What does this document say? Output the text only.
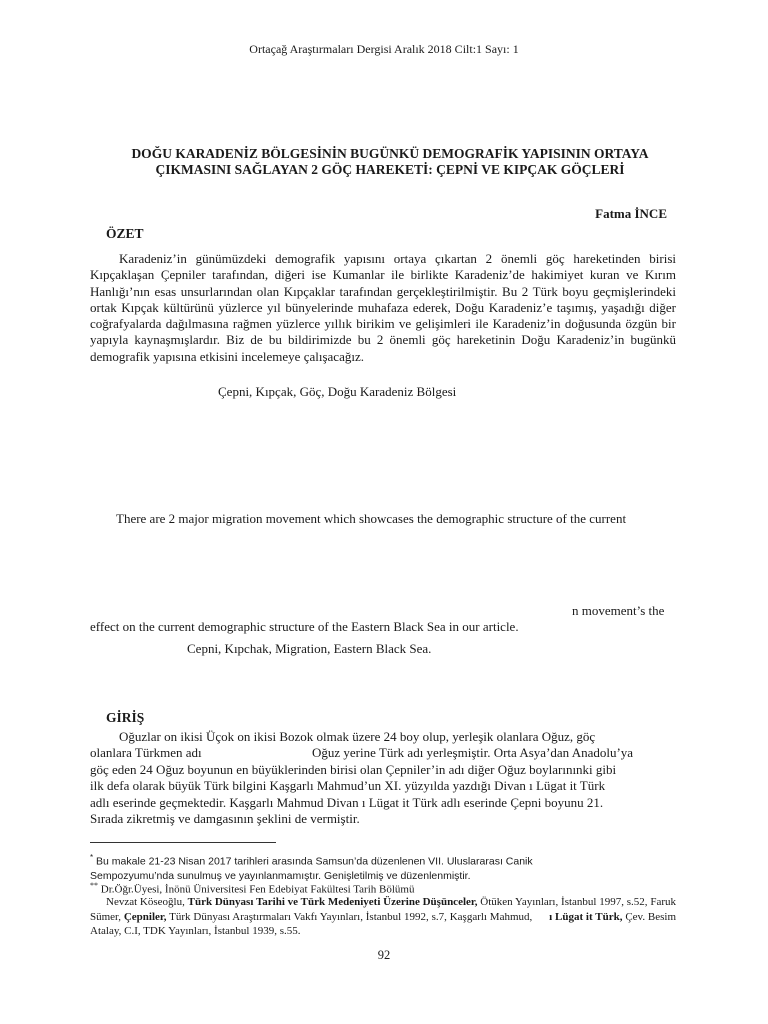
Ortaçağ Araştırmaları Dergisi Aralık 2018 Cilt:1 Sayı: 1
DOĞU KARADENİZ BÖLGESİNİN BUGÜNKÜ DEMOGRAFİK YAPISININ ORTAYA
ÇIKMASINI SAĞLAYAN 2 GÖÇ HAREKETİ: ÇEPNİ VE KIPÇAK GÖÇLERİ
Fatma İNCE
ÖZET
Karadeniz’in günümüzdeki demografik yapısını ortaya çıkartan 2 önemli göç hareketinden birisi Kıpçaklaşan Çepniler tarafından, diğeri ise Kumanlar ile birlikte Karadeniz’de hakimiyet kuran ve Kırım Hanlığı’nın esas unsurlarından olan Kıpçaklar tarafından gerçekleştirilmiştir. Bu 2 Türk boyu geçmişlerindeki ortak Kıpçak kültürünü yüzlerce yıl bünyelerinde muhafaza ederek, Doğu Karadeniz’e taşımış, yaşadığı diğer coğrafyalarda dağılmasına rağmen yüzlerce yıllık birikim ve gelişimleri ile Karadeniz’in doğusunda özgün bir yapıyla kaynaşmışlardır. Biz de bu bildirimizde bu 2 önemli göç hareketinin Doğu Karadeniz’in bugünkü demografik yapısına etkisini incelemeye çalışacağız.
Çepni, Kıpçak, Göç, Doğu Karadeniz Bölgesi
There are 2 major migration movement which showcases the demographic structure of the current
n movement’s the
effect on the current demographic structure of the Eastern Black Sea in our article.
Cepni, Kıpchak, Migration, Eastern Black Sea.
GİRİŞ
Oğuzlar on ikisi Üçok on ikisi Bozok olmak üzere 24 boy olup, yerleşik olanlara Oğuz, göç
olanlara Türkmen adı	Oğuz yerine Türk adı yerleşmiştir. Orta Asya’dan Anadolu’ya
göç eden 24 Oğuz boyunun en büyüklerinden birisi olan Çepniler’in adı diğer Oğuz boylarınınki gibi
ilk defa olarak büyük Türk bilgini Kaşgarlı Mahmud’un XI. yüzyılda yazdığı Divan ı Lügat it Türk
adlı eserinde geçmektedir. Kaşgarlı Mahmud Divan ı Lügat it Türk adlı eserinde Çepni boyunu 21.
Sırada zikretmiş ve damgasının şeklini de vermiştir.
* Bu makale 21-23 Nisan 2017 tarihleri arasında Samsun’da düzenlenen VII. Uluslararası Canik
Sempozyumu’nda sunulmuş ve yayınlanmamıştır. Genişletilmiş ve düzenlenmiştir.
** Dr.Öğr.Üyesi, İnönü Üniversitesi Fen Edebiyat Fakültesi Tarih Bölümü
Nevzat Köseoğlu, Türk Dünyası Tarihi ve Türk Medeniyeti Üzerine Düşünceler, Ötüken Yayınları, İstanbul 1997, s.52, Faruk Sümer, Çepniler, Türk Dünyası Araştırmaları Vakfı Yayınları, İstanbul 1992, s.7, Kaşgarlı Mahmud, ı Lügat it Türk, Çev. Besim Atalay, C.I, TDK Yayınları, İstanbul 1939, s.55.
92
